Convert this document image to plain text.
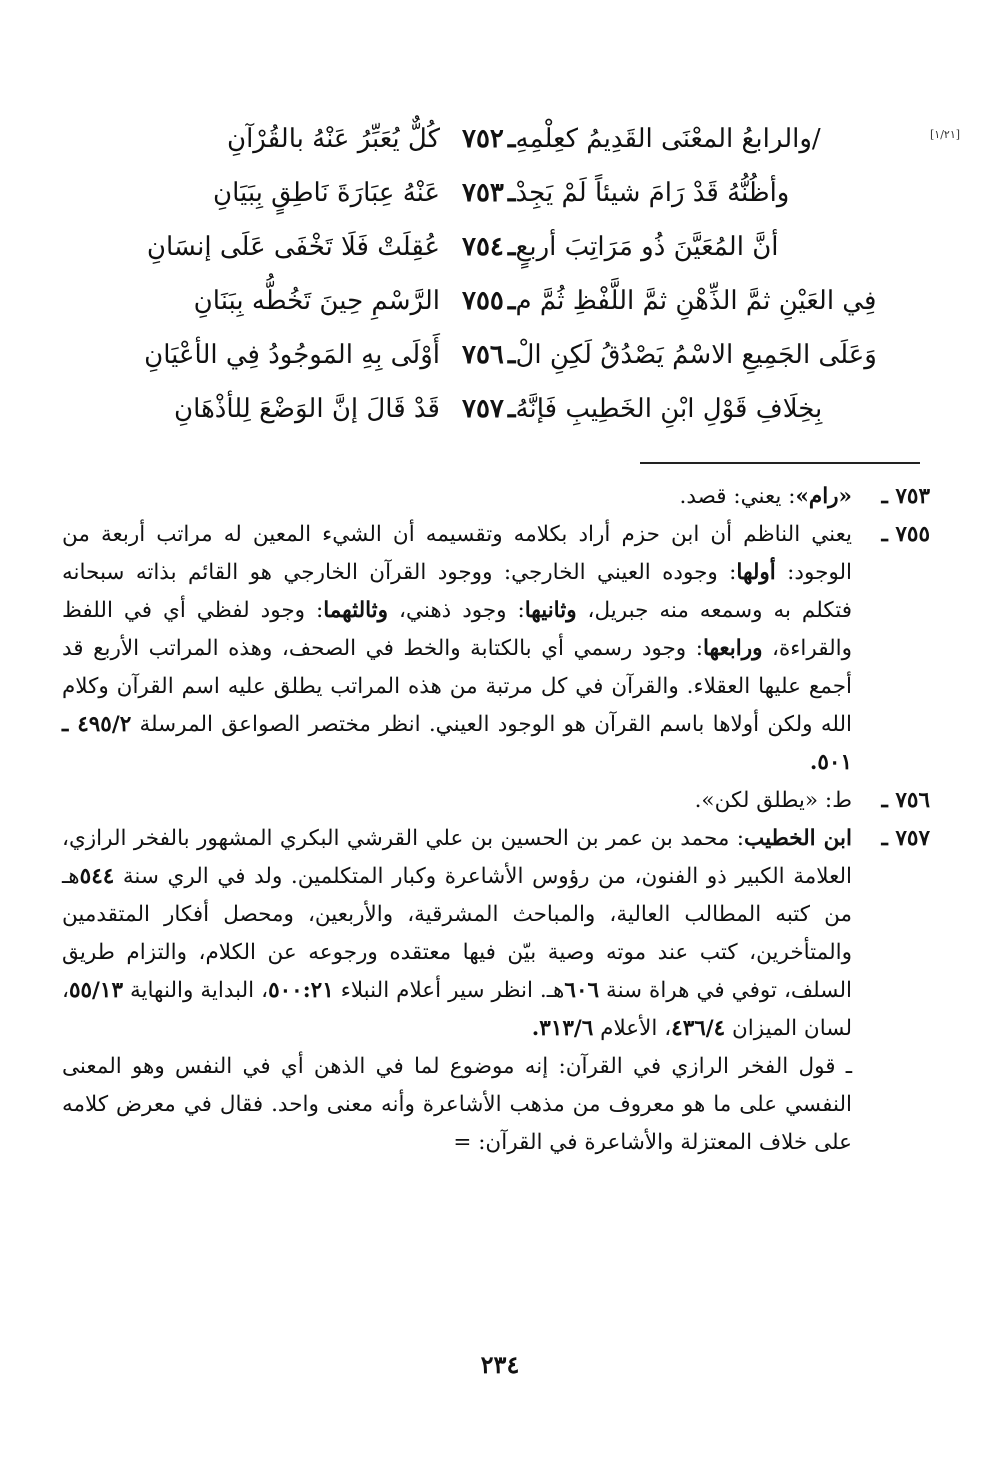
[١/٢١]
٧٥٢ ـ /والرابعُ المعْنَى القَدِيمُ كعِلْمِهِ
كُلٌّ يُعَبِّرُ عَنْهُ بالقُرْآنِ
٧٥٣ ـ وأظُنُّهُ قَدْ رَامَ شيئاً لَمْ يَجِدْ
عَنْهُ عِبَارَةَ نَاطِقٍ بِبَيَانِ
٧٥٤ ـ أنَّ المُعَيَّنَ ذُو مَرَاتِبَ أربعٍ
عُقِلَتْ فَلَا تَخْفَى عَلَى إنسَانِ
٧٥٥ ـ فِي العَيْنِ ثمَّ الذِّهْنِ ثمَّ اللَّفْظِ ثُمَّ م
الرَّسْمِ حِينَ تَخُطُّه بِبَنَانِ
٧٥٦ ـ وَعَلَى الجَمِيعِ الاسْمُ يَصْدُقُ لَكِنِ الْ
أَوْلَى بِهِ المَوجُودُ فِي الأعْيَانِ
٧٥٧ ـ بِخِلَافِ قَوْلِ ابْنِ الخَطِيبِ فَإنَّهُ
قَدْ قَالَ إنَّ الوَضْعَ لِلأذْهَانِ
٧٥٣ ـ
«رام»: يعني: قصد.
٧٥٥ ـ
يعني الناظم أن ابن حزم أراد بكلامه وتقسيمه أن الشيء المعين له مراتب أربعة من الوجود: أولها: وجوده العيني الخارجي: ووجود القرآن الخارجي هو القائم بذاته سبحانه فتكلم به وسمعه منه جبريل، وثانيها: وجود ذهني، وثالثهما: وجود لفظي أي في اللفظ والقراءة، ورابعها: وجود رسمي أي بالكتابة والخط في الصحف، وهذه المراتب الأربع قد أجمع عليها العقلاء. والقرآن في كل مرتبة من هذه المراتب يطلق عليه اسم القرآن وكلام الله ولكن أولاها باسم القرآن هو الوجود العيني. انظر مختصر الصواعق المرسلة ٤٩٥/٢ ـ ٥٠١.
٧٥٦ ـ
ط: «يطلق لكن».
٧٥٧ ـ
ابن الخطيب: محمد بن عمر بن الحسين بن علي القرشي البكري المشهور بالفخر الرازي، العلامة الكبير ذو الفنون، من رؤوس الأشاعرة وكبار المتكلمين. ولد في الري سنة ٥٤٤هـ من كتبه المطالب العالية، والمباحث المشرقية، والأربعين، ومحصل أفكار المتقدمين والمتأخرين، كتب عند موته وصية بيّن فيها معتقده ورجوعه عن الكلام، والتزام طريق السلف، توفي في هراة سنة ٦٠٦هـ. انظر سير أعلام النبلاء ٥٠٠:٢١، البداية والنهاية ٥٥/١٣، لسان الميزان ٤٣٦/٤، الأعلام ٣١٣/٦.
ـ قول الفخر الرازي في القرآن: إنه موضوع لما في الذهن أي في النفس وهو المعنى النفسي على ما هو معروف من مذهب الأشاعرة وأنه معنى واحد. فقال في معرض كلامه على خلاف المعتزلة والأشاعرة في القرآن: =
٢٣٤
